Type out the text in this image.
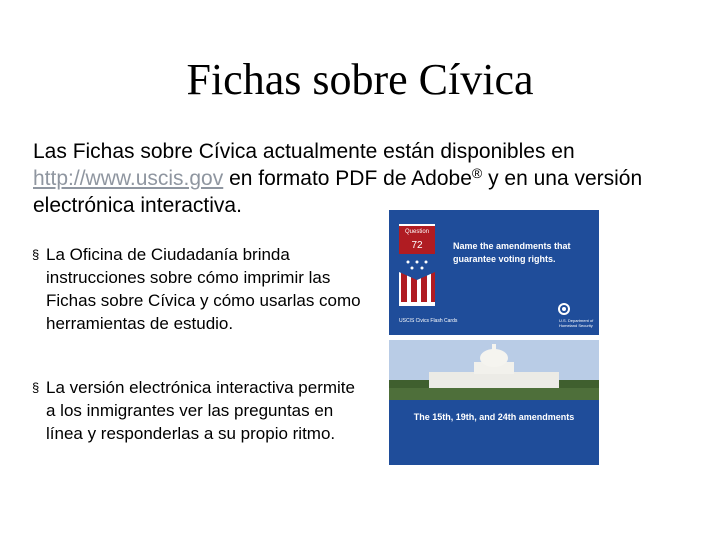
Fichas sobre Cívica
Las Fichas sobre Cívica actualmente están disponibles en http://www.uscis.gov en formato PDF de Adobe® y en una versión electrónica interactiva.
§ La Oficina de Ciudadanía brinda instrucciones sobre cómo imprimir las Fichas sobre Cívica y cómo usarlas como herramientas de estudio.
§ La versión electrónica interactiva permite a los inmigrantes ver las preguntas en línea y responderlas a su propio ritmo.
Question
72	Name the amendments that guarantee voting rights.
USCIS Civics Flash Cards	U.S. Department of Homeland Security
The 15th, 19th, and 24th amendments
